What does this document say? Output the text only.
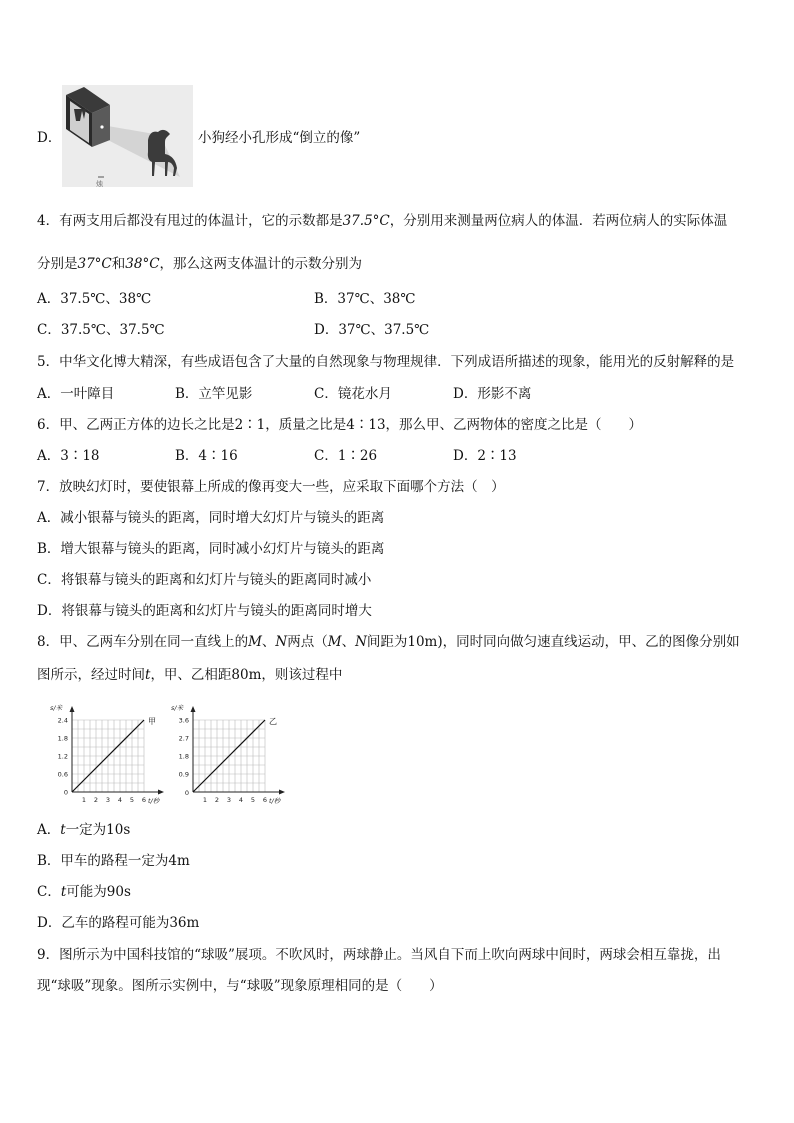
D．
烛
小狗经小孔形成“倒立的像”
4．有两支用后都没有甩过的体温计，它的示数都是37.5°C，分别用来测量两位病人的体温．若两位病人的实际体温
分别是37°C和38°C，那么这两支体温计的示数分别为
A．37.5℃、38℃	B．37℃、38℃
C．37.5℃、37.5℃	D．37℃、37.5℃
5．中华文化博大精深，有些成语包含了大量的自然现象与物理规律．下列成语所描述的现象，能用光的反射解释的是
A．一叶障目	B．立竿见影	C．镜花水月	D．形影不离
6．甲、乙两正方体的边长之比是2∶1，质量之比是4∶13，那么甲、乙两物体的密度之比是（　　）
A．3∶18	B．4∶16	C．1∶26	D．2∶13
7．放映幻灯时，要使银幕上所成的像再变大一些，应采取下面哪个方法（　）
A．减小银幕与镜头的距离，同时增大幻灯片与镜头的距离
B．增大银幕与镜头的距离，同时减小幻灯片与镜头的距离
C．将银幕与镜头的距离和幻灯片与镜头的距离同时减小
D．将银幕与镜头的距离和幻灯片与镜头的距离同时增大
8．甲、乙两车分别在同一直线上的M、N两点（M、N间距为10m)，同时同向做匀速直线运动，甲、乙的图像分别如
图所示，经过时间t，甲、乙相距80m，则该过程中
1 2 3 4 5 6
0
0.6
1.2
1.8
2.4
s/米
t/秒
甲
1 2 3 4 5 6
0.9
1.8
2.7
3.6
0
s/米
t/秒
乙
A．t一定为10s
B．甲车的路程一定为4m
C．t可能为90s
D．乙车的路程可能为36m
9．图所示为中国科技馆的“球吸”展项。不吹风时，两球静止。当风自下而上吹向两球中间时，两球会相互靠拢，出
现“球吸”现象。图所示实例中，与“球吸”现象原理相同的是（　　）
